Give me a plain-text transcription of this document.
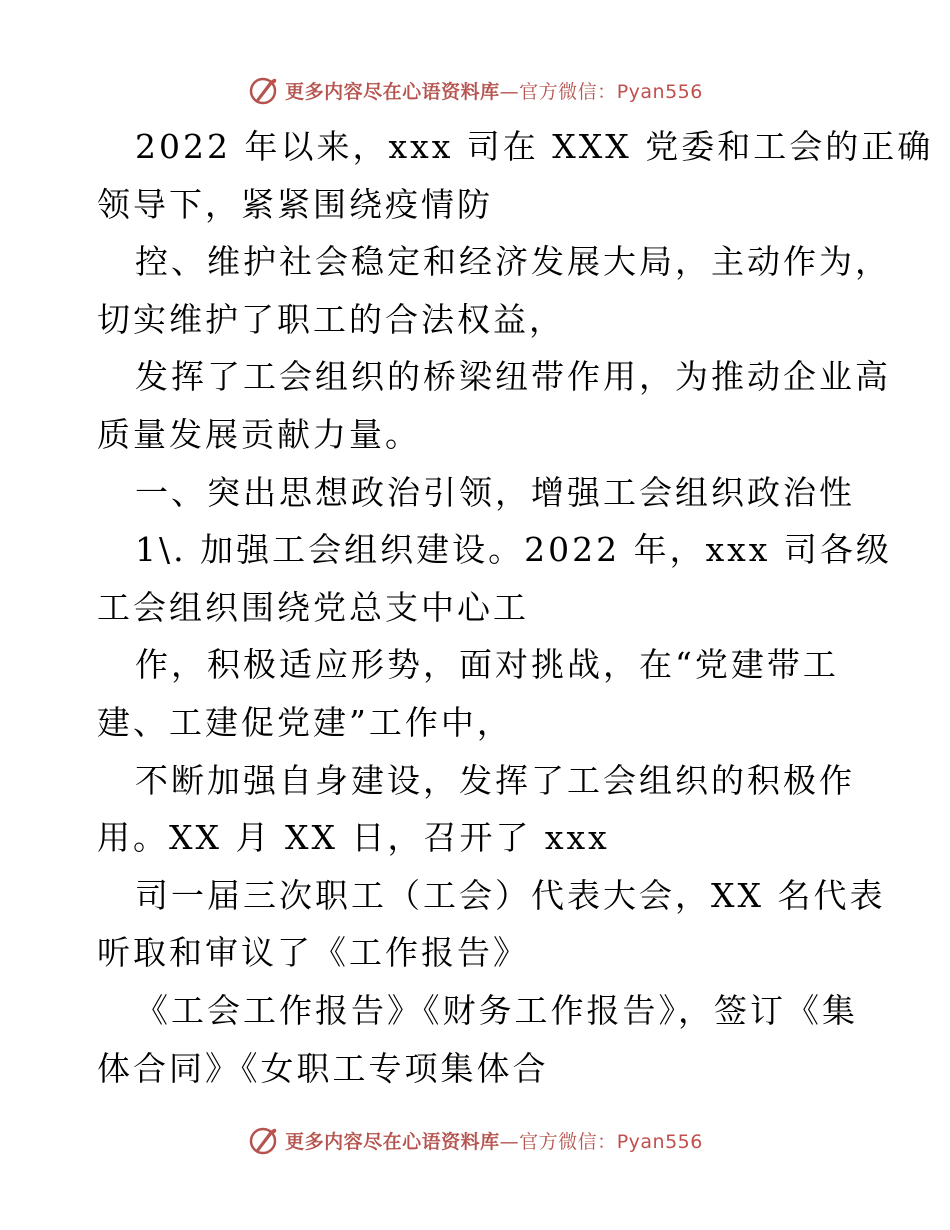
更多内容尽在心语资料库—官方微信：Pyan556
2022 年以来，xxx 司在 XXX 党委和工会的正确
领导下，紧紧围绕疫情防
控、维护社会稳定和经济发展大局，主动作为，
切实维护了职工的合法权益，
发挥了工会组织的桥梁纽带作用，为推动企业高
质量发展贡献力量。
一、突出思想政治引领，增强工会组织政治性
1\. 加强工会组织建设。2022 年，xxx 司各级
工会组织围绕党总支中心工
作，积极适应形势，面对挑战，在“党建带工
建、工建促党建”工作中，
不断加强自身建设，发挥了工会组织的积极作
用。XX 月 XX 日，召开了 xxx
司一届三次职工（工会）代表大会，XX 名代表
听取和审议了《工作报告》
《工会工作报告》《财务工作报告》，签订《集
体合同》《女职工专项集体合
更多内容尽在心语资料库—官方微信：Pyan556
